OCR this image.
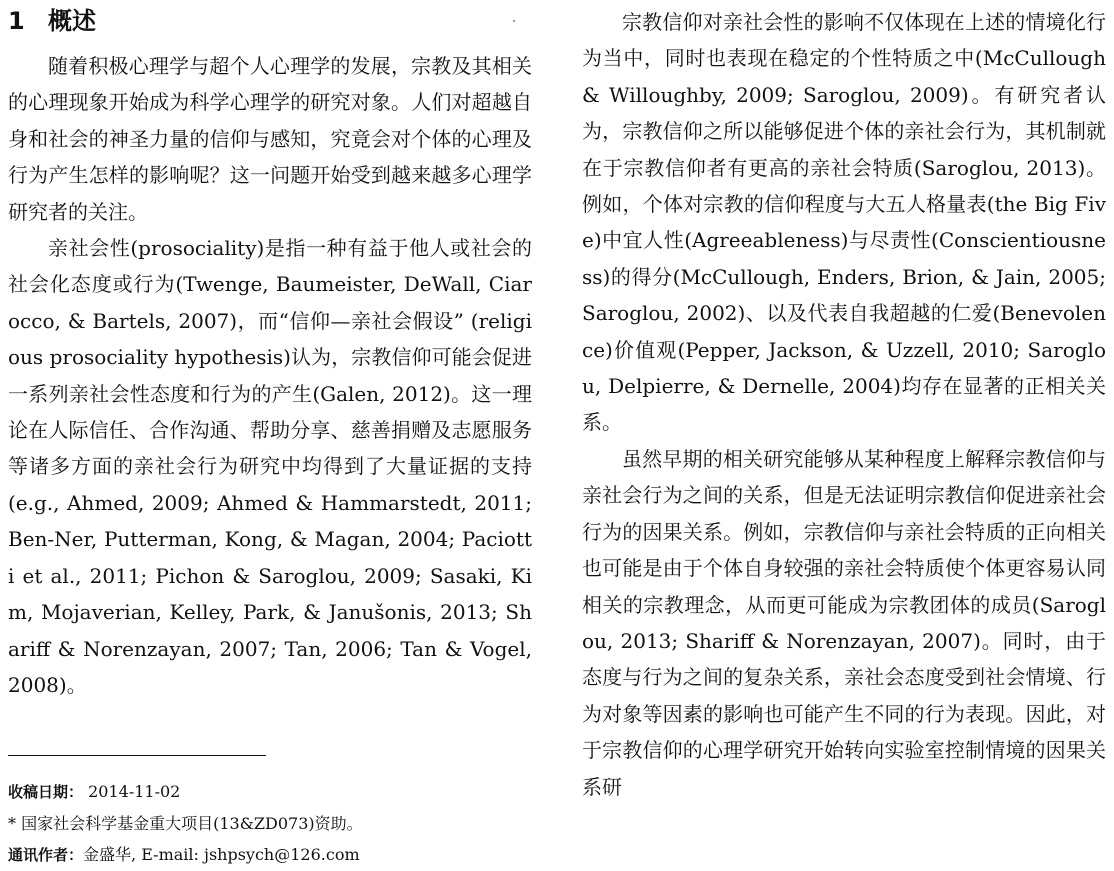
1 概述

随着积极心理学与超个人心理学的发展，宗教及其相关的心理现象开始成为科学心理学的研究对象。人们对超越自身和社会的神圣力量的信仰与感知，究竟会对个体的心理及行为产生怎样的影响呢？这一问题开始受到越来越多心理学研究者的关注。

亲社会性(prosociality)是指一种有益于他人或社会的社会化态度或行为(Twenge, Baumeister, DeWall, Ciarocco, & Bartels, 2007)，而“信仰—亲社会假设” (religious prosociality hypothesis)认为，宗教信仰可能会促进一系列亲社会性态度和行为的产生(Galen, 2012)。这一理论在人际信任、合作沟通、帮助分享、慈善捐赠及志愿服务等诸多方面的亲社会行为研究中均得到了大量证据的支持(e.g., Ahmed, 2009; Ahmed & Hammarstedt, 2011; Ben-Ner, Putterman, Kong, & Magan, 2004; Paciotti et al., 2011; Pichon & Saroglou, 2009; Sasaki, Kim, Mojaverian, Kelley, Park, & Janušonis, 2013; Shariff & Norenzayan, 2007; Tan, 2006; Tan & Vogel, 2008)。

宗教信仰对亲社会性的影响不仅体现在上述的情境化行为当中，同时也表现在稳定的个性特质之中(McCullough & Willoughby, 2009; Saroglou, 2009)。有研究者认为，宗教信仰之所以能够促进个体的亲社会行为，其机制就在于宗教信仰者有更高的亲社会特质(Saroglou, 2013)。例如，个体对宗教的信仰程度与大五人格量表(the Big Five)中宜人性(Agreeableness)与尽责性(Conscientiousness)的得分(McCullough, Enders, Brion, & Jain, 2005; Saroglou, 2002)、以及代表自我超越的仁爱(Benevolence)价值观(Pepper, Jackson, & Uzzell, 2010; Saroglou, Delpierre, & Dernelle, 2004)均存在显著的正相关关系。

虽然早期的相关研究能够从某种程度上解释宗教信仰与亲社会行为之间的关系，但是无法证明宗教信仰促进亲社会行为的因果关系。例如，宗教信仰与亲社会特质的正向相关也可能是由于个体自身较强的亲社会特质使个体更容易认同相关的宗教理念，从而更可能成为宗教团体的成员(Saroglou, 2013; Shariff & Norenzayan, 2007)。同时，由于态度与行为之间的复杂关系，亲社会态度受到社会情境、行为对象等因素的影响也可能产生不同的行为表现。因此，对于宗教信仰的心理学研究开始转向实验室控制情境的因果关系研

收稿日期： 2014-11-02

* 国家社会科学基金重大项目(13&ZD073)资助。

通讯作者：金盛华, E-mail: jshpsych@126.com
